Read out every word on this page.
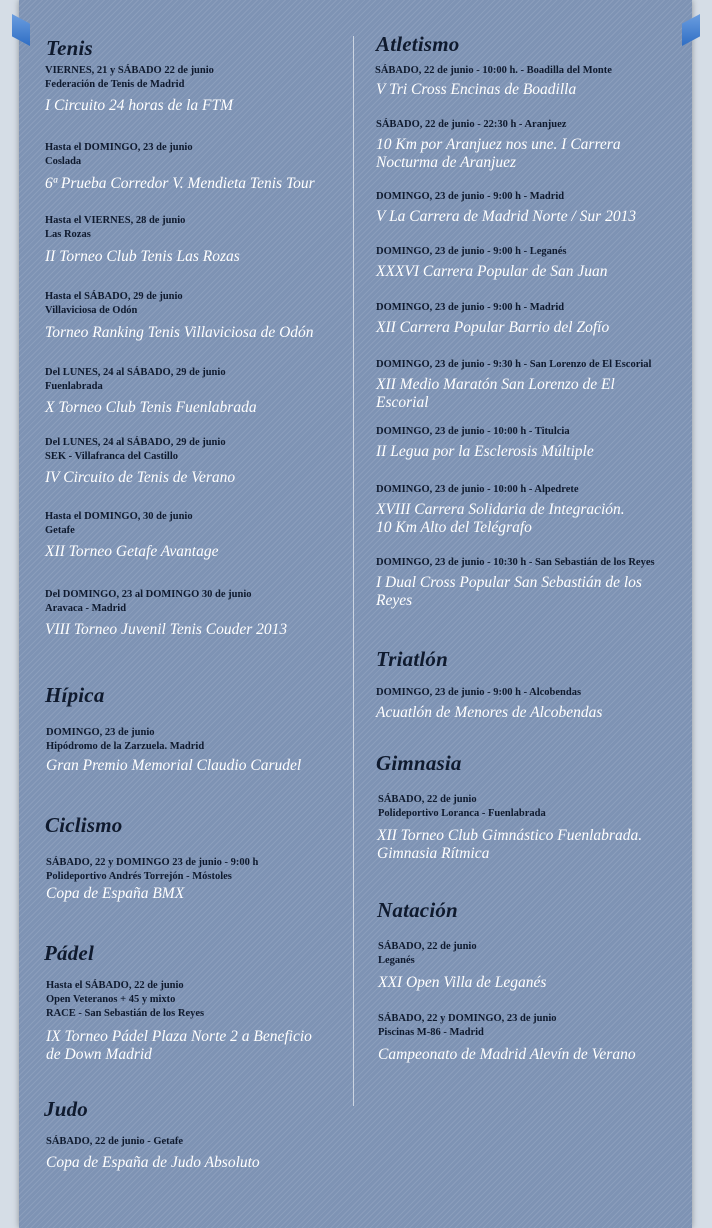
Tenis
VIERNES, 21 y SÁBADO 22 de junio
Federación de Tenis de Madrid
I Circuito 24 horas de la FTM
Hasta el DOMINGO, 23 de junio
Coslada
6ª Prueba Corredor V. Mendieta Tenis Tour
Hasta el VIERNES, 28 de junio
Las Rozas
II Torneo Club Tenis Las Rozas
Hasta el SÁBADO, 29 de junio
Villaviciosa de Odón
Torneo Ranking Tenis Villaviciosa de Odón
Del LUNES, 24 al SÁBADO, 29 de junio
Fuenlabrada
X Torneo Club Tenis Fuenlabrada
Del LUNES, 24 al SÁBADO, 29 de junio
SEK - Villafranca del Castillo
IV Circuito de Tenis de Verano
Hasta el DOMINGO, 30 de junio
Getafe
XII Torneo Getafe Avantage
Del DOMINGO, 23 al DOMINGO 30 de junio
Aravaca - Madrid
VIII Torneo Juvenil Tenis Couder 2013
Hípica
DOMINGO, 23 de junio
Hipódromo de la Zarzuela. Madrid
Gran Premio Memorial Claudio Carudel
Ciclismo
SÁBADO, 22 y DOMINGO 23 de junio - 9:00 h
Polideportivo Andrés Torrejón - Móstoles
Copa de España BMX
Pádel
Hasta el SÁBADO, 22 de junio
Open Veteranos + 45 y mixto
RACE - San Sebastián de los Reyes
IX Torneo Pádel Plaza Norte 2 a Beneficio
de Down Madrid
Judo
SÁBADO, 22 de junio - Getafe
Copa de España de Judo Absoluto
Atletismo
SÁBADO, 22 de junio - 10:00 h. - Boadilla del Monte
V Tri Cross Encinas de Boadilla
SÁBADO, 22 de junio - 22:30 h - Aranjuez
10 Km por Aranjuez nos une. I Carrera
Nocturma de Aranjuez
DOMINGO, 23 de junio - 9:00 h - Madrid
V La Carrera de Madrid Norte / Sur 2013
DOMINGO, 23 de junio - 9:00 h - Leganés
XXXVI Carrera Popular de San Juan
DOMINGO, 23 de junio - 9:00 h - Madrid
XII Carrera Popular Barrio del Zofío
DOMINGO, 23 de junio - 9:30 h - San Lorenzo de El Escorial
XII Medio Maratón San Lorenzo de El
Escorial
DOMINGO, 23 de junio - 10:00 h - Titulcia
II Legua por la Esclerosis Múltiple
DOMINGO, 23 de junio - 10:00 h - Alpedrete
XVIII Carrera Solidaria de Integración.
10 Km Alto del Telégrafo
DOMINGO, 23 de junio - 10:30 h - San Sebastián de los Reyes
I Dual Cross Popular San Sebastián de los
Reyes
Triatlón
DOMINGO, 23 de junio - 9:00 h - Alcobendas
Acuatlón de Menores de Alcobendas
Gimnasia
SÁBADO, 22 de junio
Polideportivo Loranca - Fuenlabrada
XII Torneo Club Gimnástico Fuenlabrada.
Gimnasia Rítmica
Natación
SÁBADO, 22 de junio
Leganés
XXI Open Villa de Leganés
SÁBADO, 22 y DOMINGO, 23 de junio
Piscinas M-86 - Madrid
Campeonato de Madrid Alevín de Verano
